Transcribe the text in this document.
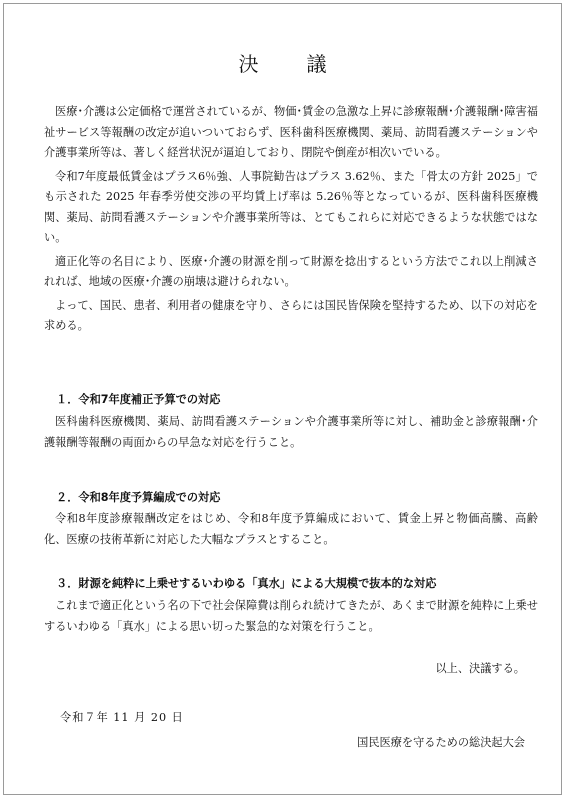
決　議

医療･介護は公定価格で運営されているが、物価･賃金の急激な上昇に診療報酬･介護報酬･障害福祉サービス等報酬の改定が追いついておらず、医科歯科医療機関、薬局、訪問看護ステーションや介護事業所等は、著しく経営状況が逼迫しており、閉院や倒産が相次いでいる。

令和7年度最低賃金はプラス6％強、人事院勧告はプラス 3.62％、また「骨太の方針 2025」でも示された 2025 年春季労使交渉の平均賃上げ率は 5.26％等となっているが、医科歯科医療機関、薬局、訪問看護ステーションや介護事業所等は、とてもこれらに対応できるような状態ではない。

適正化等の名目により、医療･介護の財源を削って財源を捻出するという方法でこれ以上削減されれば、地域の医療･介護の崩壊は避けられない。

よって、国民、患者、利用者の健康を守り、さらには国民皆保険を堅持するため、以下の対応を求める。

１．令和7年度補正予算での対応
医科歯科医療機関、薬局、訪問看護ステーションや介護事業所等に対し、補助金と診療報酬･介護報酬等報酬の両面からの早急な対応を行うこと。
２．令和8年度予算編成での対応
令和8年度診療報酬改定をはじめ、令和8年度予算編成において、賃金上昇と物価高騰、高齢化、医療の技術革新に対応した大幅なプラスとすること。
３．財源を純粋に上乗せするいわゆる「真水」による大規模で抜本的な対応
これまで適正化という名の下で社会保障費は削られ続けてきたが、あくまで財源を純粋に上乗せするいわゆる「真水」による思い切った緊急的な対策を行うこと。
以上、決議する。
令和７年 11 月 20 日
国民医療を守るための総決起大会
